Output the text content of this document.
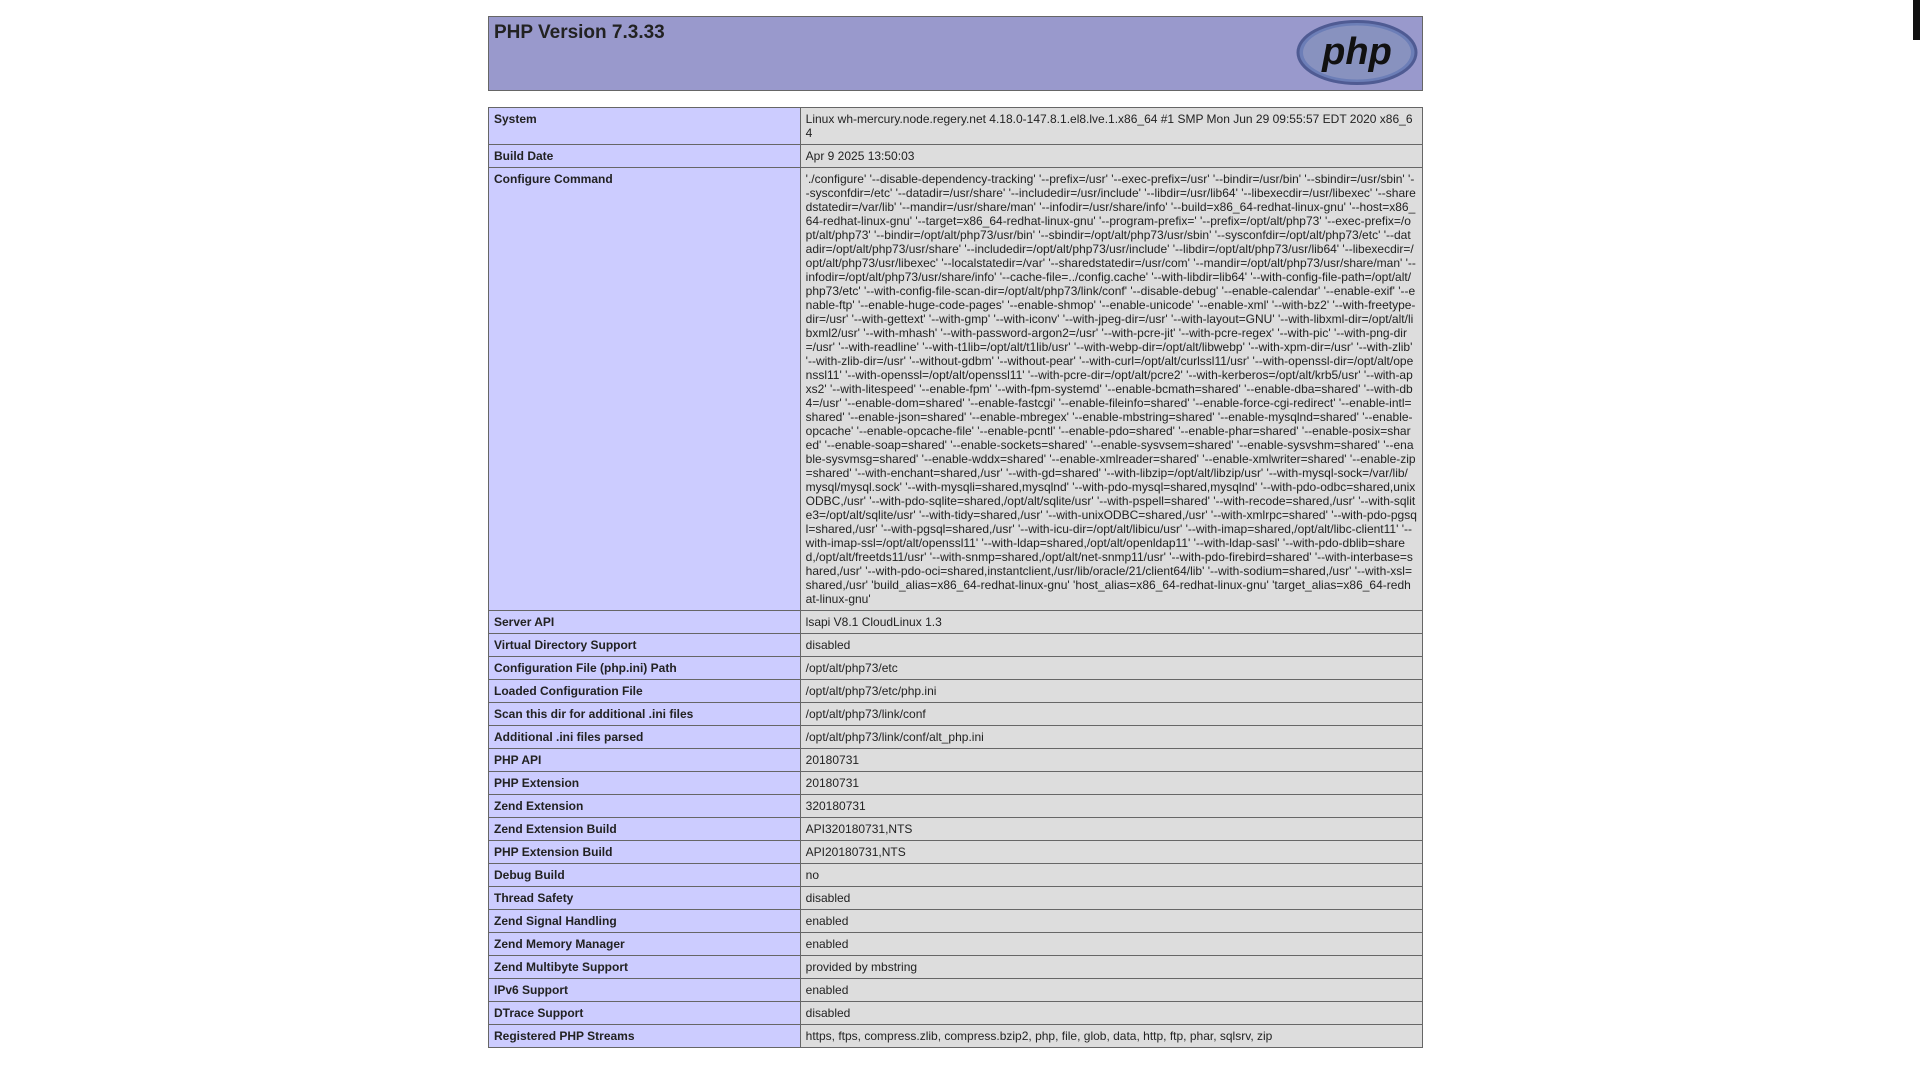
PHP Version 7.3.33	php
System	Linux wh-mercury.node.regery.net 4.18.0-147.8.1.el8.lve.1.x86_64 #1 SMP Mon Jun 29 09:55:57 EDT 2020 x86_64
Build Date	Apr 9 2025 13:50:03
Configure Command	'./configure' '--disable-dependency-tracking' '--prefix=/usr' '--exec-prefix=/usr' '--bindir=/usr/bin' '--sbindir=/usr/sbin' '--sysconfdir=/etc' '--datadir=/usr/share' '--includedir=/usr/include' '--libdir=/usr/lib64' '--libexecdir=/usr/libexec' '--sharedstatedir=/var/lib' '--mandir=/usr/share/man' '--infodir=/usr/share/info' '--build=x86_64-redhat-linux-gnu' '--host=x86_64-redhat-linux-gnu' '--target=x86_64-redhat-linux-gnu' '--program-prefix=' '--prefix=/opt/alt/php73' '--exec-prefix=/opt/alt/php73' '--bindir=/opt/alt/php73/usr/bin' '--sbindir=/opt/alt/php73/usr/sbin' '--sysconfdir=/opt/alt/php73/etc' '--datadir=/opt/alt/php73/usr/share' '--includedir=/opt/alt/php73/usr/include' '--libdir=/opt/alt/php73/usr/lib64' '--libexecdir=/opt/alt/php73/usr/libexec' '--localstatedir=/var' '--sharedstatedir=/usr/com' '--mandir=/opt/alt/php73/usr/share/man' '--infodir=/opt/alt/php73/usr/share/info' '--cache-file=../config.cache' '--with-libdir=lib64' '--with-config-file-path=/opt/alt/php73/etc' '--with-config-file-scan-dir=/opt/alt/php73/link/conf' '--disable-debug' '--enable-calendar' '--enable-exif' '--enable-ftp' '--enable-huge-code-pages' '--enable-shmop' '--enable-unicode' '--enable-xml' '--with-bz2' '--with-freetype-dir=/usr' '--with-gettext' '--with-gmp' '--with-iconv' '--with-jpeg-dir=/usr' '--with-layout=GNU' '--with-libxml-dir=/opt/alt/libxml2/usr' '--with-mhash' '--with-password-argon2=/usr' '--with-pcre-jit' '--with-pcre-regex' '--with-pic' '--with-png-dir=/usr' '--with-readline' '--with-t1lib=/opt/alt/t1lib/usr' '--with-webp-dir=/opt/alt/libwebp' '--with-xpm-dir=/usr' '--with-zlib' '--with-zlib-dir=/usr' '--without-gdbm' '--without-pear' '--with-curl=/opt/alt/curlssl11/usr' '--with-openssl-dir=/opt/alt/openssl11' '--with-openssl=/opt/alt/openssl11' '--with-pcre-dir=/opt/alt/pcre2' '--with-kerberos=/opt/alt/krb5/usr' '--with-apxs2' '--with-litespeed' '--enable-fpm' '--with-fpm-systemd' '--enable-bcmath=shared' '--enable-dba=shared' '--with-db4=/usr' '--enable-dom=shared' '--enable-fastcgi' '--enable-fileinfo=shared' '--enable-force-cgi-redirect' '--enable-intl=shared' '--enable-json=shared' '--enable-mbregex' '--enable-mbstring=shared' '--enable-mysqlnd=shared' '--enable-opcache' '--enable-opcache-file' '--enable-pcntl' '--enable-pdo=shared' '--enable-phar=shared' '--enable-posix=shared' '--enable-soap=shared' '--enable-sockets=shared' '--enable-sysvsem=shared' '--enable-sysvshm=shared' '--enable-sysvmsg=shared' '--enable-wddx=shared' '--enable-xmlreader=shared' '--enable-xmlwriter=shared' '--enable-zip=shared' '--with-enchant=shared,/usr' '--with-gd=shared' '--with-libzip=/opt/alt/libzip/usr' '--with-mysql-sock=/var/lib/mysql/mysql.sock' '--with-mysqli=shared,mysqlnd' '--with-pdo-mysql=shared,mysqlnd' '--with-pdo-odbc=shared,unixODBC,/usr' '--with-pdo-sqlite=shared,/opt/alt/sqlite/usr' '--with-pspell=shared' '--with-recode=shared,/usr' '--with-sqlite3=/opt/alt/sqlite/usr' '--with-tidy=shared,/usr' '--with-unixODBC=shared,/usr' '--with-xmlrpc=shared' '--with-pdo-pgsql=shared,/usr' '--with-pgsql=shared,/usr' '--with-icu-dir=/opt/alt/libicu/usr' '--with-imap=shared,/opt/alt/libc-client11' '--with-imap-ssl=/opt/alt/openssl11' '--with-ldap=shared,/opt/alt/openldap11' '--with-ldap-sasl' '--with-pdo-dblib=shared,/opt/alt/freetds11/usr' '--with-snmp=shared,/opt/alt/net-snmp11/usr' '--with-pdo-firebird=shared' '--with-interbase=shared,/usr' '--with-pdo-oci=shared,instantclient,/usr/lib/oracle/21/client64/lib' '--with-sodium=shared,/usr' '--with-xsl=shared,/usr' 'build_alias=x86_64-redhat-linux-gnu' 'host_alias=x86_64-redhat-linux-gnu' 'target_alias=x86_64-redhat-linux-gnu'
Server API	lsapi V8.1 CloudLinux 1.3
Virtual Directory Support	disabled
Configuration File (php.ini) Path	/opt/alt/php73/etc
Loaded Configuration File	/opt/alt/php73/etc/php.ini
Scan this dir for additional .ini files	/opt/alt/php73/link/conf
Additional .ini files parsed	/opt/alt/php73/link/conf/alt_php.ini
PHP API	20180731
PHP Extension	20180731
Zend Extension	320180731
Zend Extension Build	API320180731,NTS
PHP Extension Build	API20180731,NTS
Debug Build	no
Thread Safety	disabled
Zend Signal Handling	enabled
Zend Memory Manager	enabled
Zend Multibyte Support	provided by mbstring
IPv6 Support	enabled
DTrace Support	disabled
Registered PHP Streams	https, ftps, compress.zlib, compress.bzip2, php, file, glob, data, http, ftp, phar, sqlsrv, zip
